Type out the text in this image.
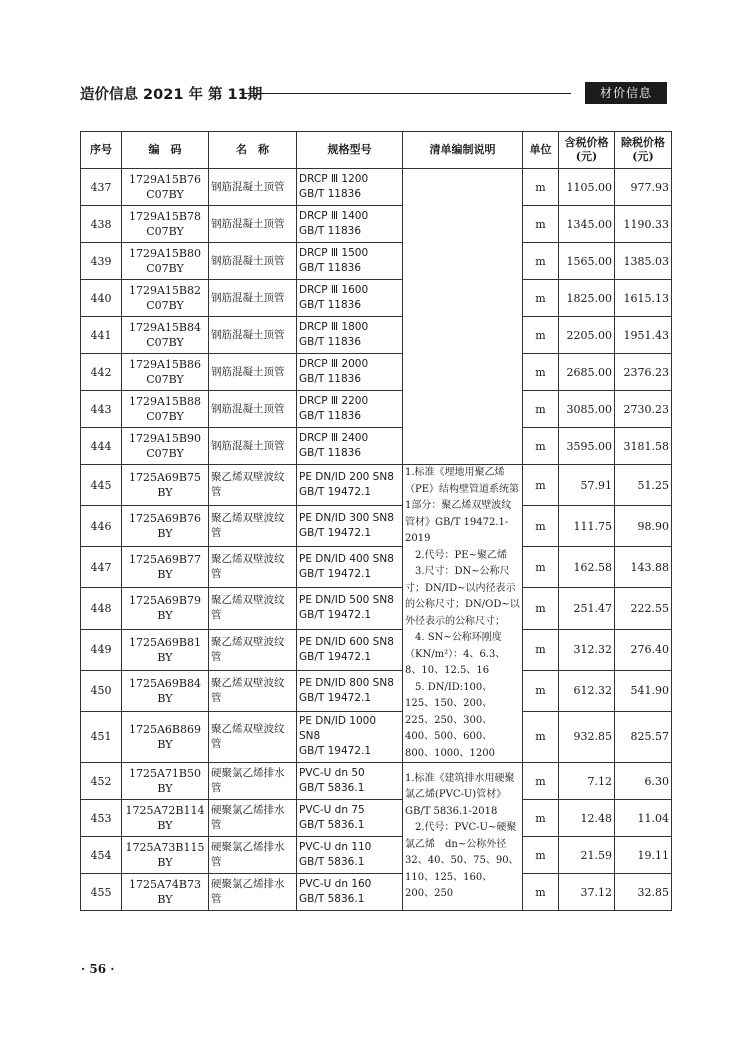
造价信息 2021 年 第 11期	材价信息
序号	编　码	名　称	规格型号	清单编制说明	单位	含税价格(元)	除税价格(元)
437	1729A15B76
C07BY	钢筋混凝土顶管	DRCP Ⅲ 1200
GB/T 11836		m	1105.00	977.93
438	1729A15B78
C07BY	钢筋混凝土顶管	DRCP Ⅲ 1400
GB/T 11836		m	1345.00	1190.33
439	1729A15B80
C07BY	钢筋混凝土顶管	DRCP Ⅲ 1500
GB/T 11836		m	1565.00	1385.03
440	1729A15B82
C07BY	钢筋混凝土顶管	DRCP Ⅲ 1600
GB/T 11836		m	1825.00	1615.13
441	1729A15B84
C07BY	钢筋混凝土顶管	DRCP Ⅲ 1800
GB/T 11836		m	2205.00	1951.43
442	1729A15B86
C07BY	钢筋混凝土顶管	DRCP Ⅲ 2000
GB/T 11836		m	2685.00	2376.23
443	1729A15B88
C07BY	钢筋混凝土顶管	DRCP Ⅲ 2200
GB/T 11836		m	3085.00	2730.23
444	1729A15B90
C07BY	钢筋混凝土顶管	DRCP Ⅲ 2400
GB/T 11836		m	3595.00	3181.58
445	1725A69B75
BY	聚乙烯双壁波纹管	PE DN/ID 200 SN8
GB/T 19472.1	1.标准《埋地用聚乙烯（PE）结构壁管道系统第1部分：聚乙烯双壁波纹管材》GB/T 19472.1-2019
　2.代号：PE~聚乙烯
　3.尺寸：DN~公称尺寸；DN/ID~以内径表示的公称尺寸；DN/OD~以外径表示的公称尺寸；
　4. SN~公称环刚度（KN/m²）：4、6.3、8、10、12.5、16
　5. DN/ID:100、125、150、200、225、250、300、400、500、600、800、1000、1200	m	57.91	51.25
446	1725A69B76
BY	聚乙烯双壁波纹管	PE DN/ID 300 SN8
GB/T 19472.1		m	111.75	98.90
447	1725A69B77
BY	聚乙烯双壁波纹管	PE DN/ID 400 SN8
GB/T 19472.1		m	162.58	143.88
448	1725A69B79
BY	聚乙烯双壁波纹管	PE DN/ID 500 SN8
GB/T 19472.1		m	251.47	222.55
449	1725A69B81
BY	聚乙烯双壁波纹管	PE DN/ID 600 SN8
GB/T 19472.1		m	312.32	276.40
450	1725A69B84
BY	聚乙烯双壁波纹管	PE DN/ID 800 SN8
GB/T 19472.1		m	612.32	541.90
451	1725A6B869
BY	聚乙烯双壁波纹管	PE DN/ID 1000 SN8
GB/T 19472.1		m	932.85	825.57
452	1725A71B50
BY	硬聚氯乙烯排水管	PVC-U dn 50
GB/T 5836.1	1.标准《建筑排水用硬聚氯乙烯(PVC-U)管材》GB/T 5836.1-2018
　2.代号：PVC-U~硬聚氯乙烯　dn~公称外径 32、40、50、75、90、110、125、160、200、250	m	7.12	6.30
453	1725A72B114
BY	硬聚氯乙烯排水管	PVC-U dn 75
GB/T 5836.1		m	12.48	11.04
454	1725A73B115
BY	硬聚氯乙烯排水管	PVC-U dn 110
GB/T 5836.1		m	21.59	19.11
455	1725A74B73
BY	硬聚氯乙烯排水管	PVC-U dn 160
GB/T 5836.1		m	37.12	32.85
· 56 ·
